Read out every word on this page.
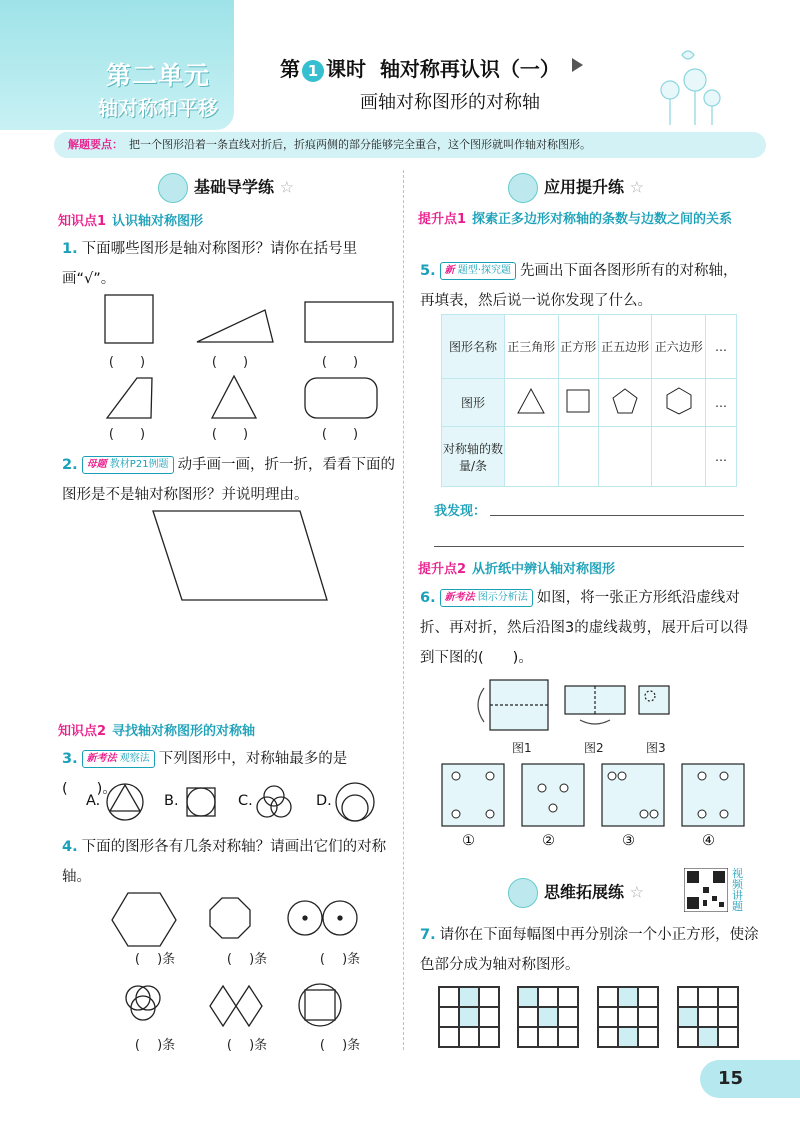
第二单元
轴对称和平移
第 1 课时 轴对称再认识（一）
画轴对称图形的对称轴
解题要点： 把一个图形沿着一条直线对折后，折痕两侧的部分能够完全重合，这个图形就叫作轴对称图形。
基础导学练 ☆
知识点1 认识轴对称图形
1. 下面哪些图形是轴对称图形？请你在括号里画“√”。
(　　)	(　　)	(　　)
(　　)	(　　)	(　　)
2. 母题 教材P21例题 动手画一画，折一折，看看下面的图形是不是轴对称图形？并说明理由。
知识点2 寻找轴对称图形的对称轴
3. 新考法 观察法 下列图形中，对称轴最多的是(　　)。
A.	B.	C.	D.
4. 下面的图形各有几条对称轴？请画出它们的对称轴。
(　 )条	(　 )条	(　 )条
(　 )条	(　 )条	(　 )条
应用提升练 ☆
提升点1 探索正多边形对称轴的条数与边数之间的关系
5. 新 题型·探究题 先画出下面各图形所有的对称轴，再填表，然后说一说你发现了什么。
图形名称	正三角形	正方形	正五边形	正六边形	…
图形					…
对称轴的数量/条					…
我发现：
提升点2 从折纸中辨认轴对称图形
6. 新考法 图示分析法 如图，将一张正方形纸沿虚线对折、再对折，然后沿图3的虚线裁剪，展开后可以得到下图的(　　)。
图1	图2	图3
①	②	③	④
思维拓展练 ☆
视频讲题
7. 请你在下面每幅图中再分别涂一个小正方形，使涂色部分成为轴对称图形。
15
